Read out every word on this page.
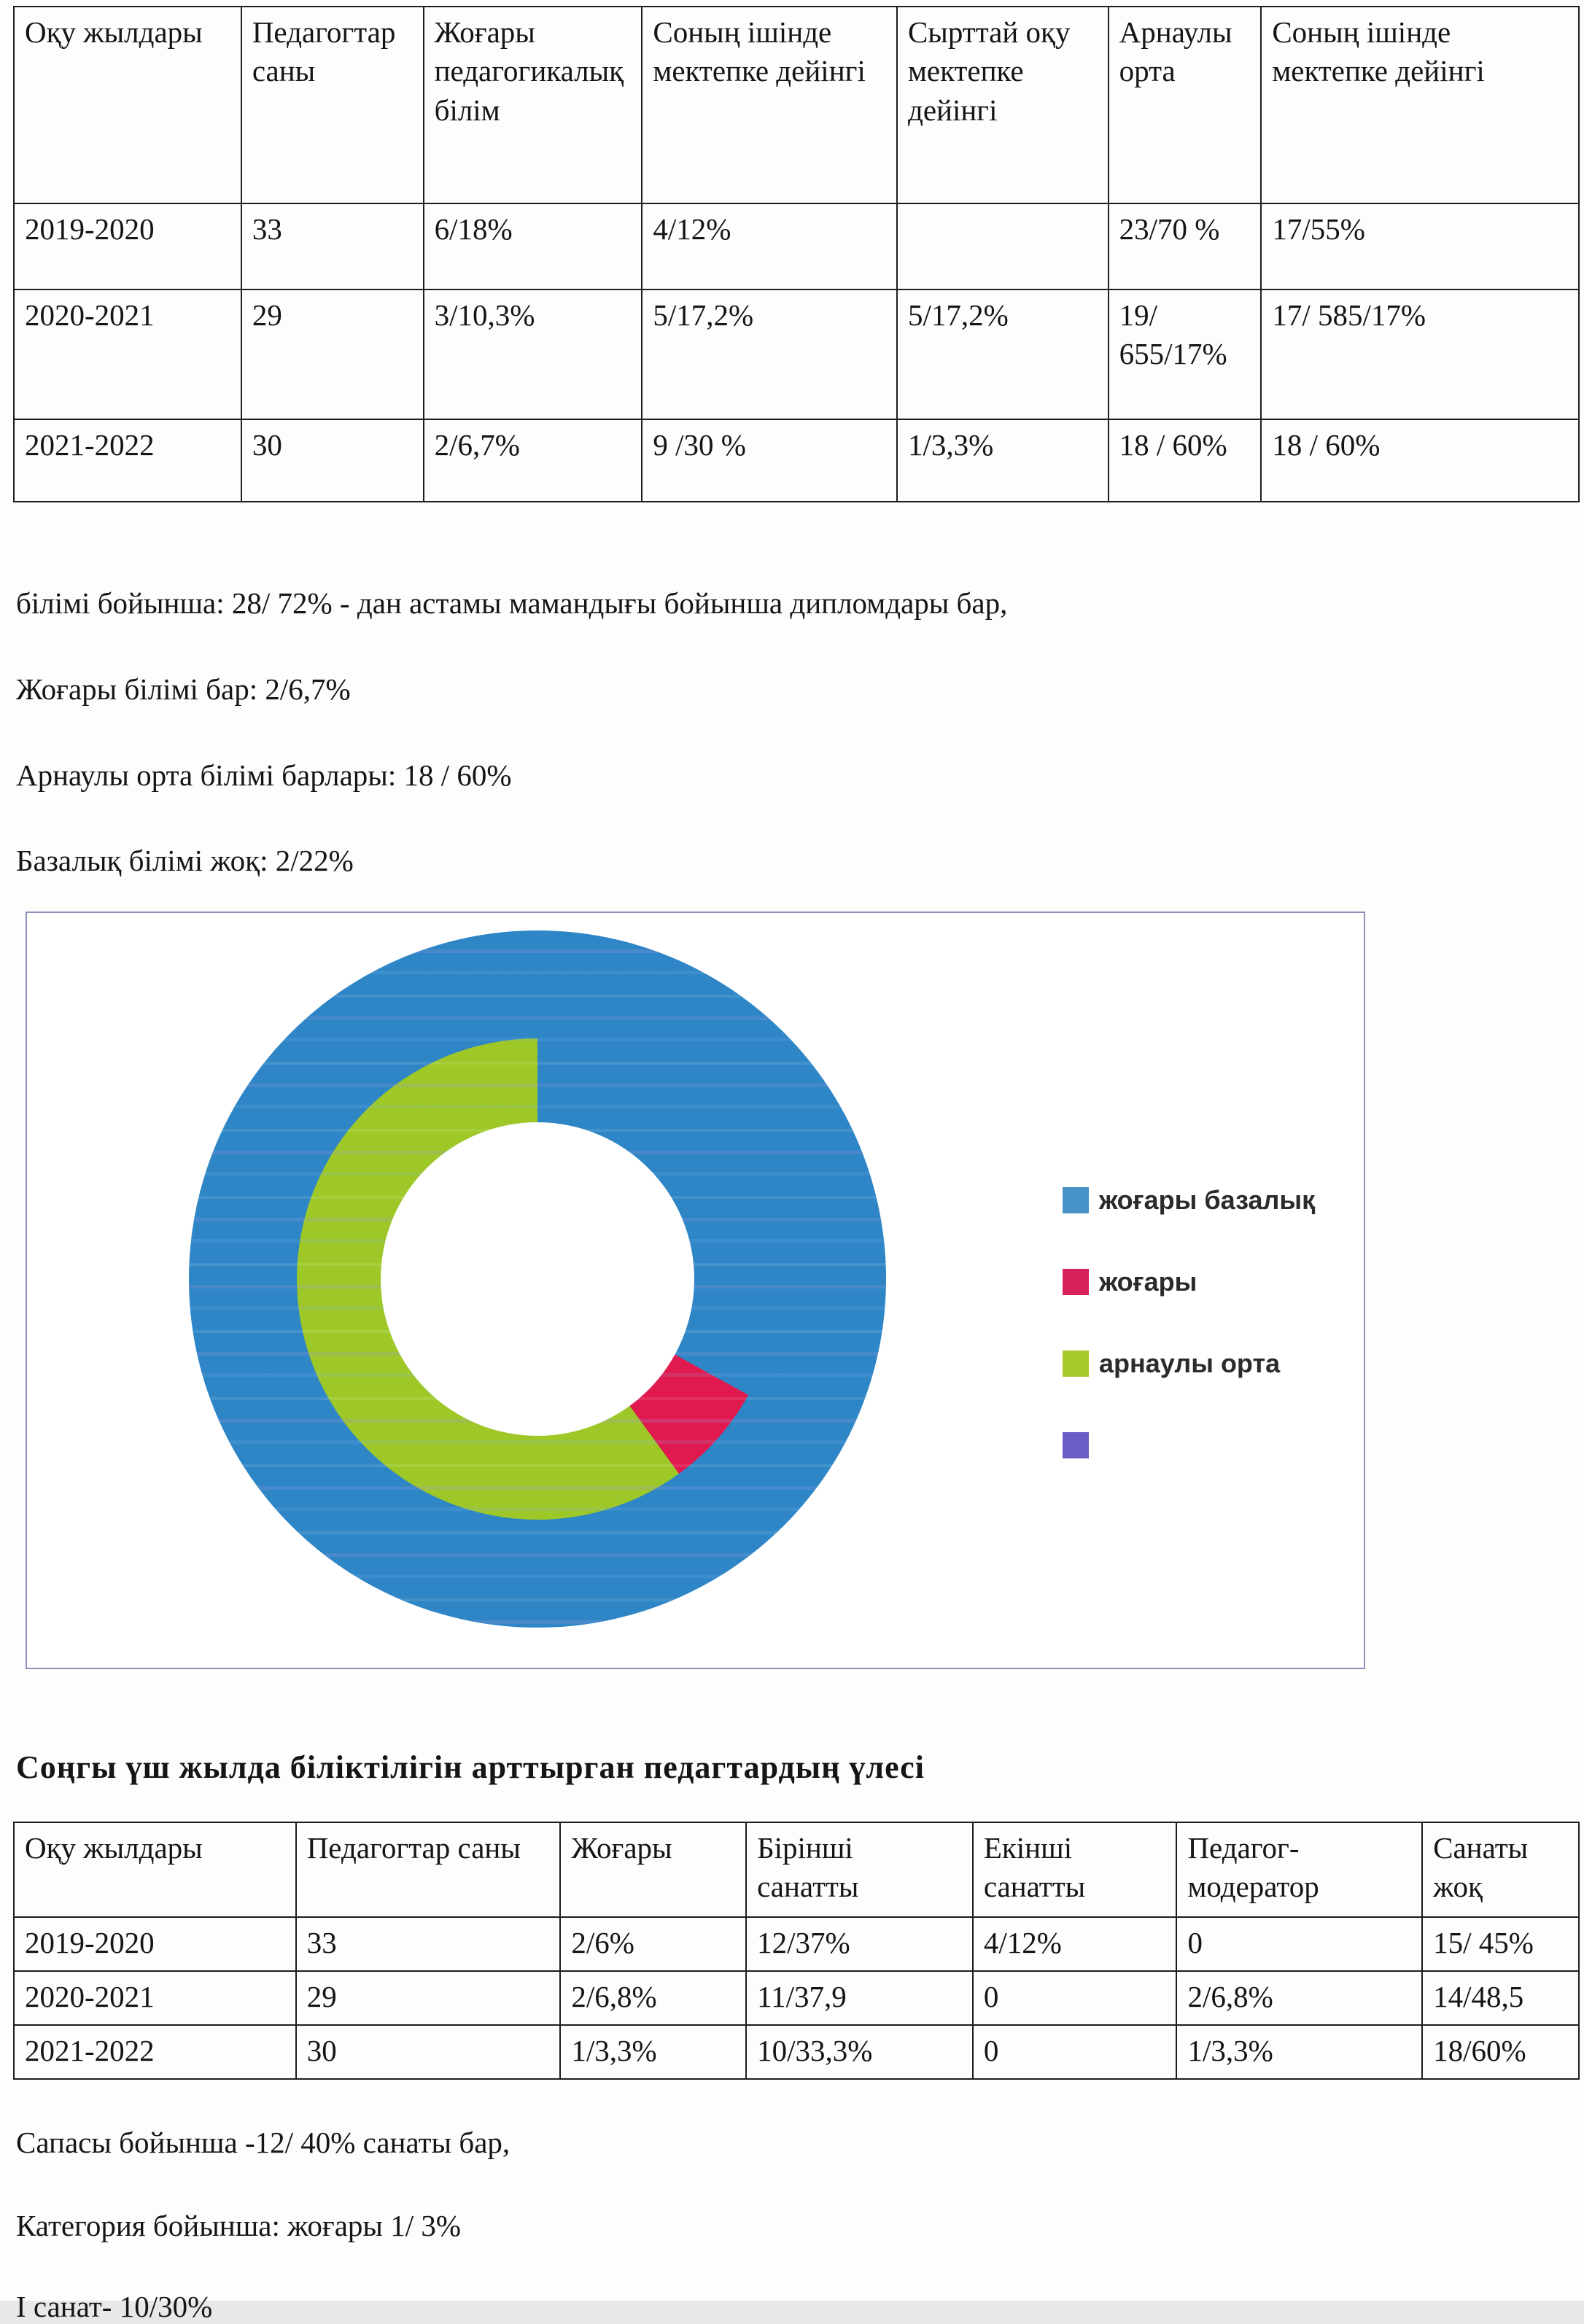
Оқу жылдары	Педагогтар саны	Жоғары педагогикалық білім	Соның ішінде мектепке дейінгі	Сырттай оқу мектепке дейінгі	Арнаулы орта	Соның ішінде мектепке дейінгі
2019-2020	33	6/18%	4/12%		23/70 %	17/55%
2020-2021	29	3/10,3%	5/17,2%	5/17,2%	19/ 655/17%	17/ 585/17%
2021-2022	30	2/6,7%	9 /30 %	1/3,3%	18 / 60%	18 / 60%

білімі бойынша: 28/ 72% - дан астамы мамандығы бойынша дипломдары бар,

Жоғары білімі бар: 2/6,7%

Арнаулы орта білімі барлары: 18 / 60%

Базалық білімі жоқ: 2/22%

жоғары базалық
жоғары
арнаулы орта
Соңгы үш жылда біліктілігін арттырган педагтардың үлесі
Оқу жылдары	Педагогтар саны	Жоғары	Бірінші санатты	Екінші санатты	Педагог-модератор	Санаты жоқ
2019-2020	33	2/6%	12/37%	4/12%	0	15/ 45%
2020-2021	29	2/6,8%	11/37,9	0	2/6,8%	14/48,5
2021-2022	30	1/3,3%	10/33,3%	0	1/3,3%	18/60%

Сапасы бойынша -12/ 40% санаты бар,

Категория бойынша: жоғары 1/ 3%

І санат- 10/30%
